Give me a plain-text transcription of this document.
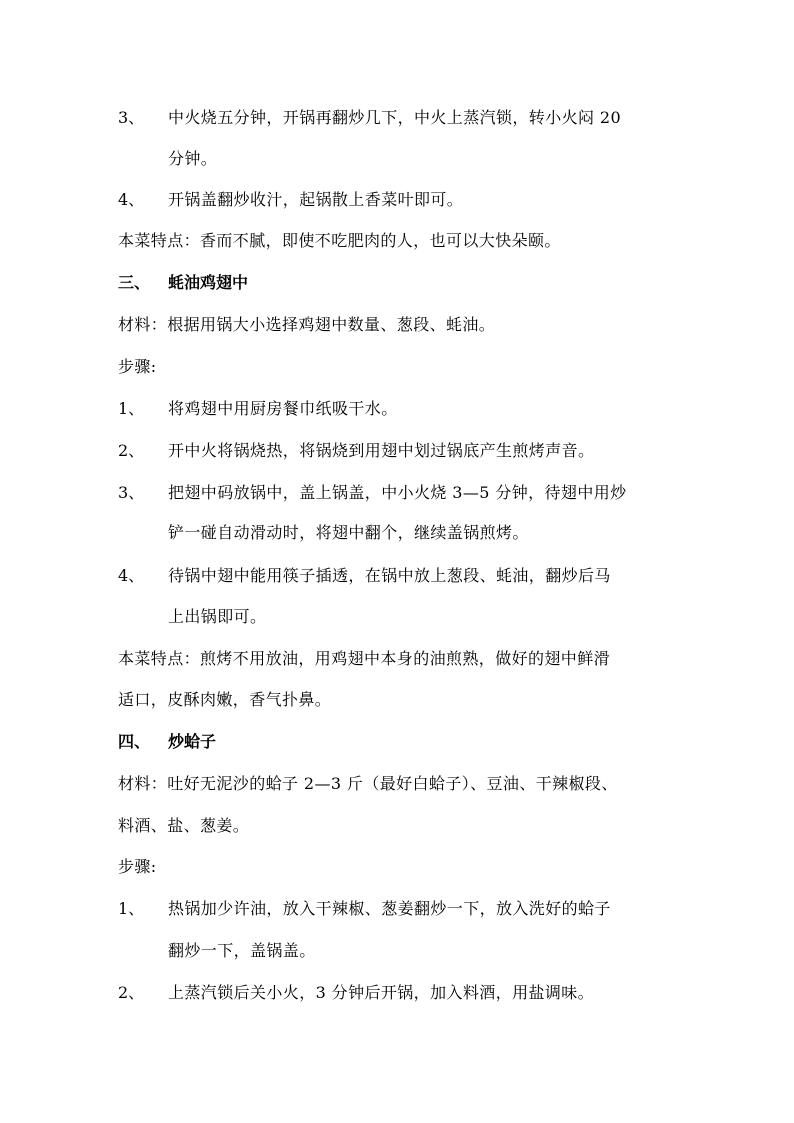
3、 中火烧五分钟，开锅再翻炒几下，中火上蒸汽锁，转小火闷 20
分钟。
4、 开锅盖翻炒收汁，起锅散上香菜叶即可。
本菜特点：香而不腻，即使不吃肥肉的人，也可以大快朵颐。
三、 蚝油鸡翅中
材料：根据用锅大小选择鸡翅中数量、葱段、蚝油。
步骤:
1、 将鸡翅中用厨房餐巾纸吸干水。
2、 开中火将锅烧热，将锅烧到用翅中划过锅底产生煎烤声音。
3、 把翅中码放锅中，盖上锅盖，中小火烧 3—5 分钟，待翅中用炒
铲一碰自动滑动时，将翅中翻个，继续盖锅煎烤。
4、 待锅中翅中能用筷子插透，在锅中放上葱段、蚝油，翻炒后马
上出锅即可。
本菜特点：煎烤不用放油，用鸡翅中本身的油煎熟，做好的翅中鲜滑
适口，皮酥肉嫩，香气扑鼻。
四、 炒蛤子
材料：吐好无泥沙的蛤子 2—3 斤（最好白蛤子）、豆油、干辣椒段、
料酒、盐、葱姜。
步骤:
1、 热锅加少许油，放入干辣椒、葱姜翻炒一下，放入洗好的蛤子
翻炒一下，盖锅盖。
2、 上蒸汽锁后关小火，3 分钟后开锅，加入料酒，用盐调味。
